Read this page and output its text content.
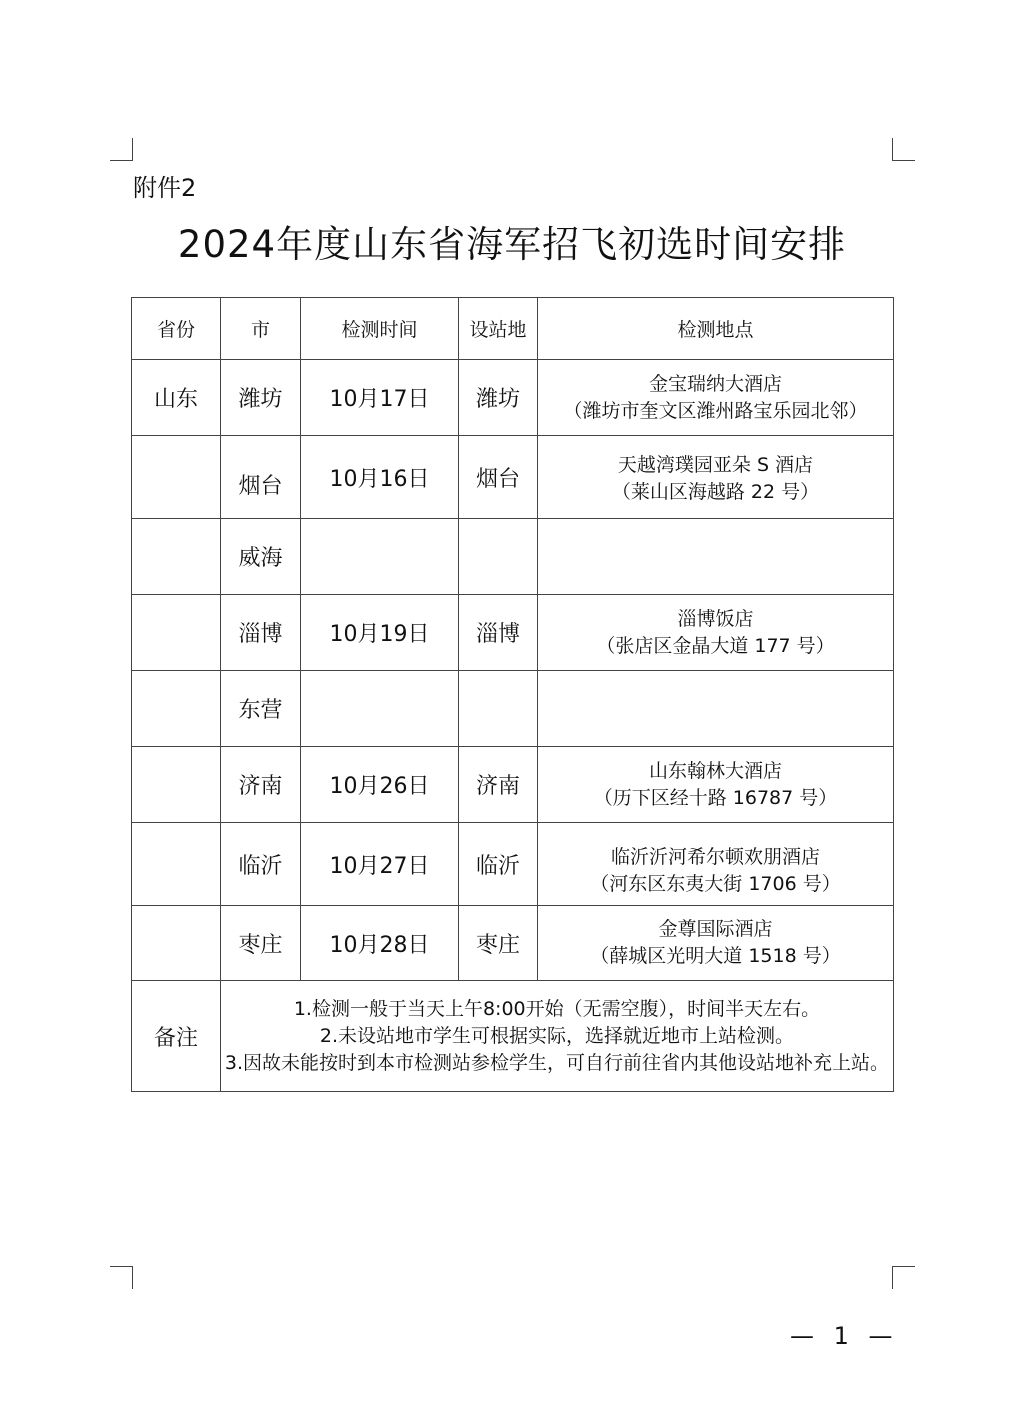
附件2
2024年度山东省海军招飞初选时间安排
省份	市	检测时间	设站地	检测地点
山东	潍坊	10月17日	潍坊	金宝瑞纳大酒店
（潍坊市奎文区潍州路宝乐园北邻）

	烟台	10月16日	烟台	天越湾璞园亚朵 S 酒店
（莱山区海越路 22 号）

	威海			

	淄博	10月19日	淄博	淄博饭店
（张店区金晶大道 177 号）

	东营			

	济南	10月26日	济南	山东翰林大酒店
（历下区经十路 16787 号）

	临沂	10月27日	临沂	临沂沂河希尔顿欢朋酒店
（河东区东夷大街 1706 号）

	枣庄	10月28日	枣庄	金尊国际酒店
（薛城区光明大道 1518 号）

备注	1.检测一般于当天上午8:00开始（无需空腹），时间半天左右。
2.未设站地市学生可根据实际，选择就近地市上站检测。
3.因故未能按时到本市检测站参检学生，可自行前往省内其他设站地补充上站。			
— 1 —
